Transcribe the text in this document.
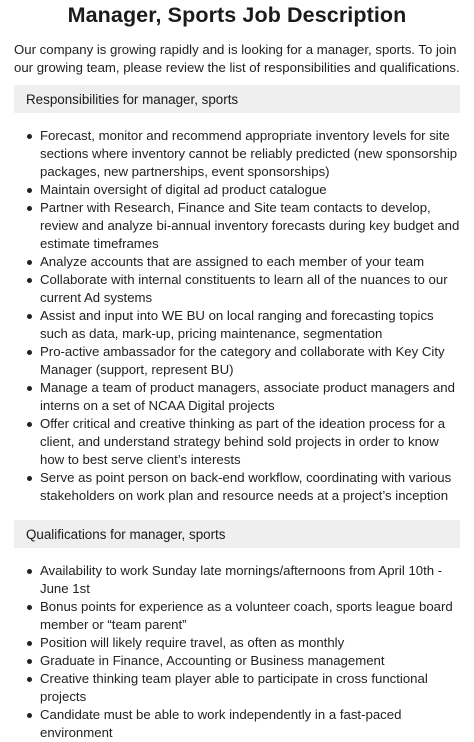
Manager, Sports Job Description

Our company is growing rapidly and is looking for a manager, sports. To join our growing team, please review the list of responsibilities and qualifications.

Responsibilities for manager, sports
Forecast, monitor and recommend appropriate inventory levels for site sections where inventory cannot be reliably predicted (new sponsorship packages, new partnerships, event sponsorships)
Maintain oversight of digital ad product catalogue
Partner with Research, Finance and Site team contacts to develop, review and analyze bi-annual inventory forecasts during key budget and estimate timeframes
Analyze accounts that are assigned to each member of your team
Collaborate with internal constituents to learn all of the nuances to our current Ad systems
Assist and input into WE BU on local ranging and forecasting topics such as data, mark-up, pricing maintenance, segmentation
Pro-active ambassador for the category and collaborate with Key City Manager (support, represent BU)
Manage a team of product managers, associate product managers and interns on a set of NCAA Digital projects
Offer critical and creative thinking as part of the ideation process for a client, and understand strategy behind sold projects in order to know how to best serve client’s interests
Serve as point person on back-end workflow, coordinating with various stakeholders on work plan and resource needs at a project’s inception
Qualifications for manager, sports
Availability to work Sunday late mornings/afternoons from April 10th - June 1st
Bonus points for experience as a volunteer coach, sports league board member or “team parent”
Position will likely require travel, as often as monthly
Graduate in Finance, Accounting or Business management
Creative thinking team player able to participate in cross functional projects
Candidate must be able to work independently in a fast-paced environment
